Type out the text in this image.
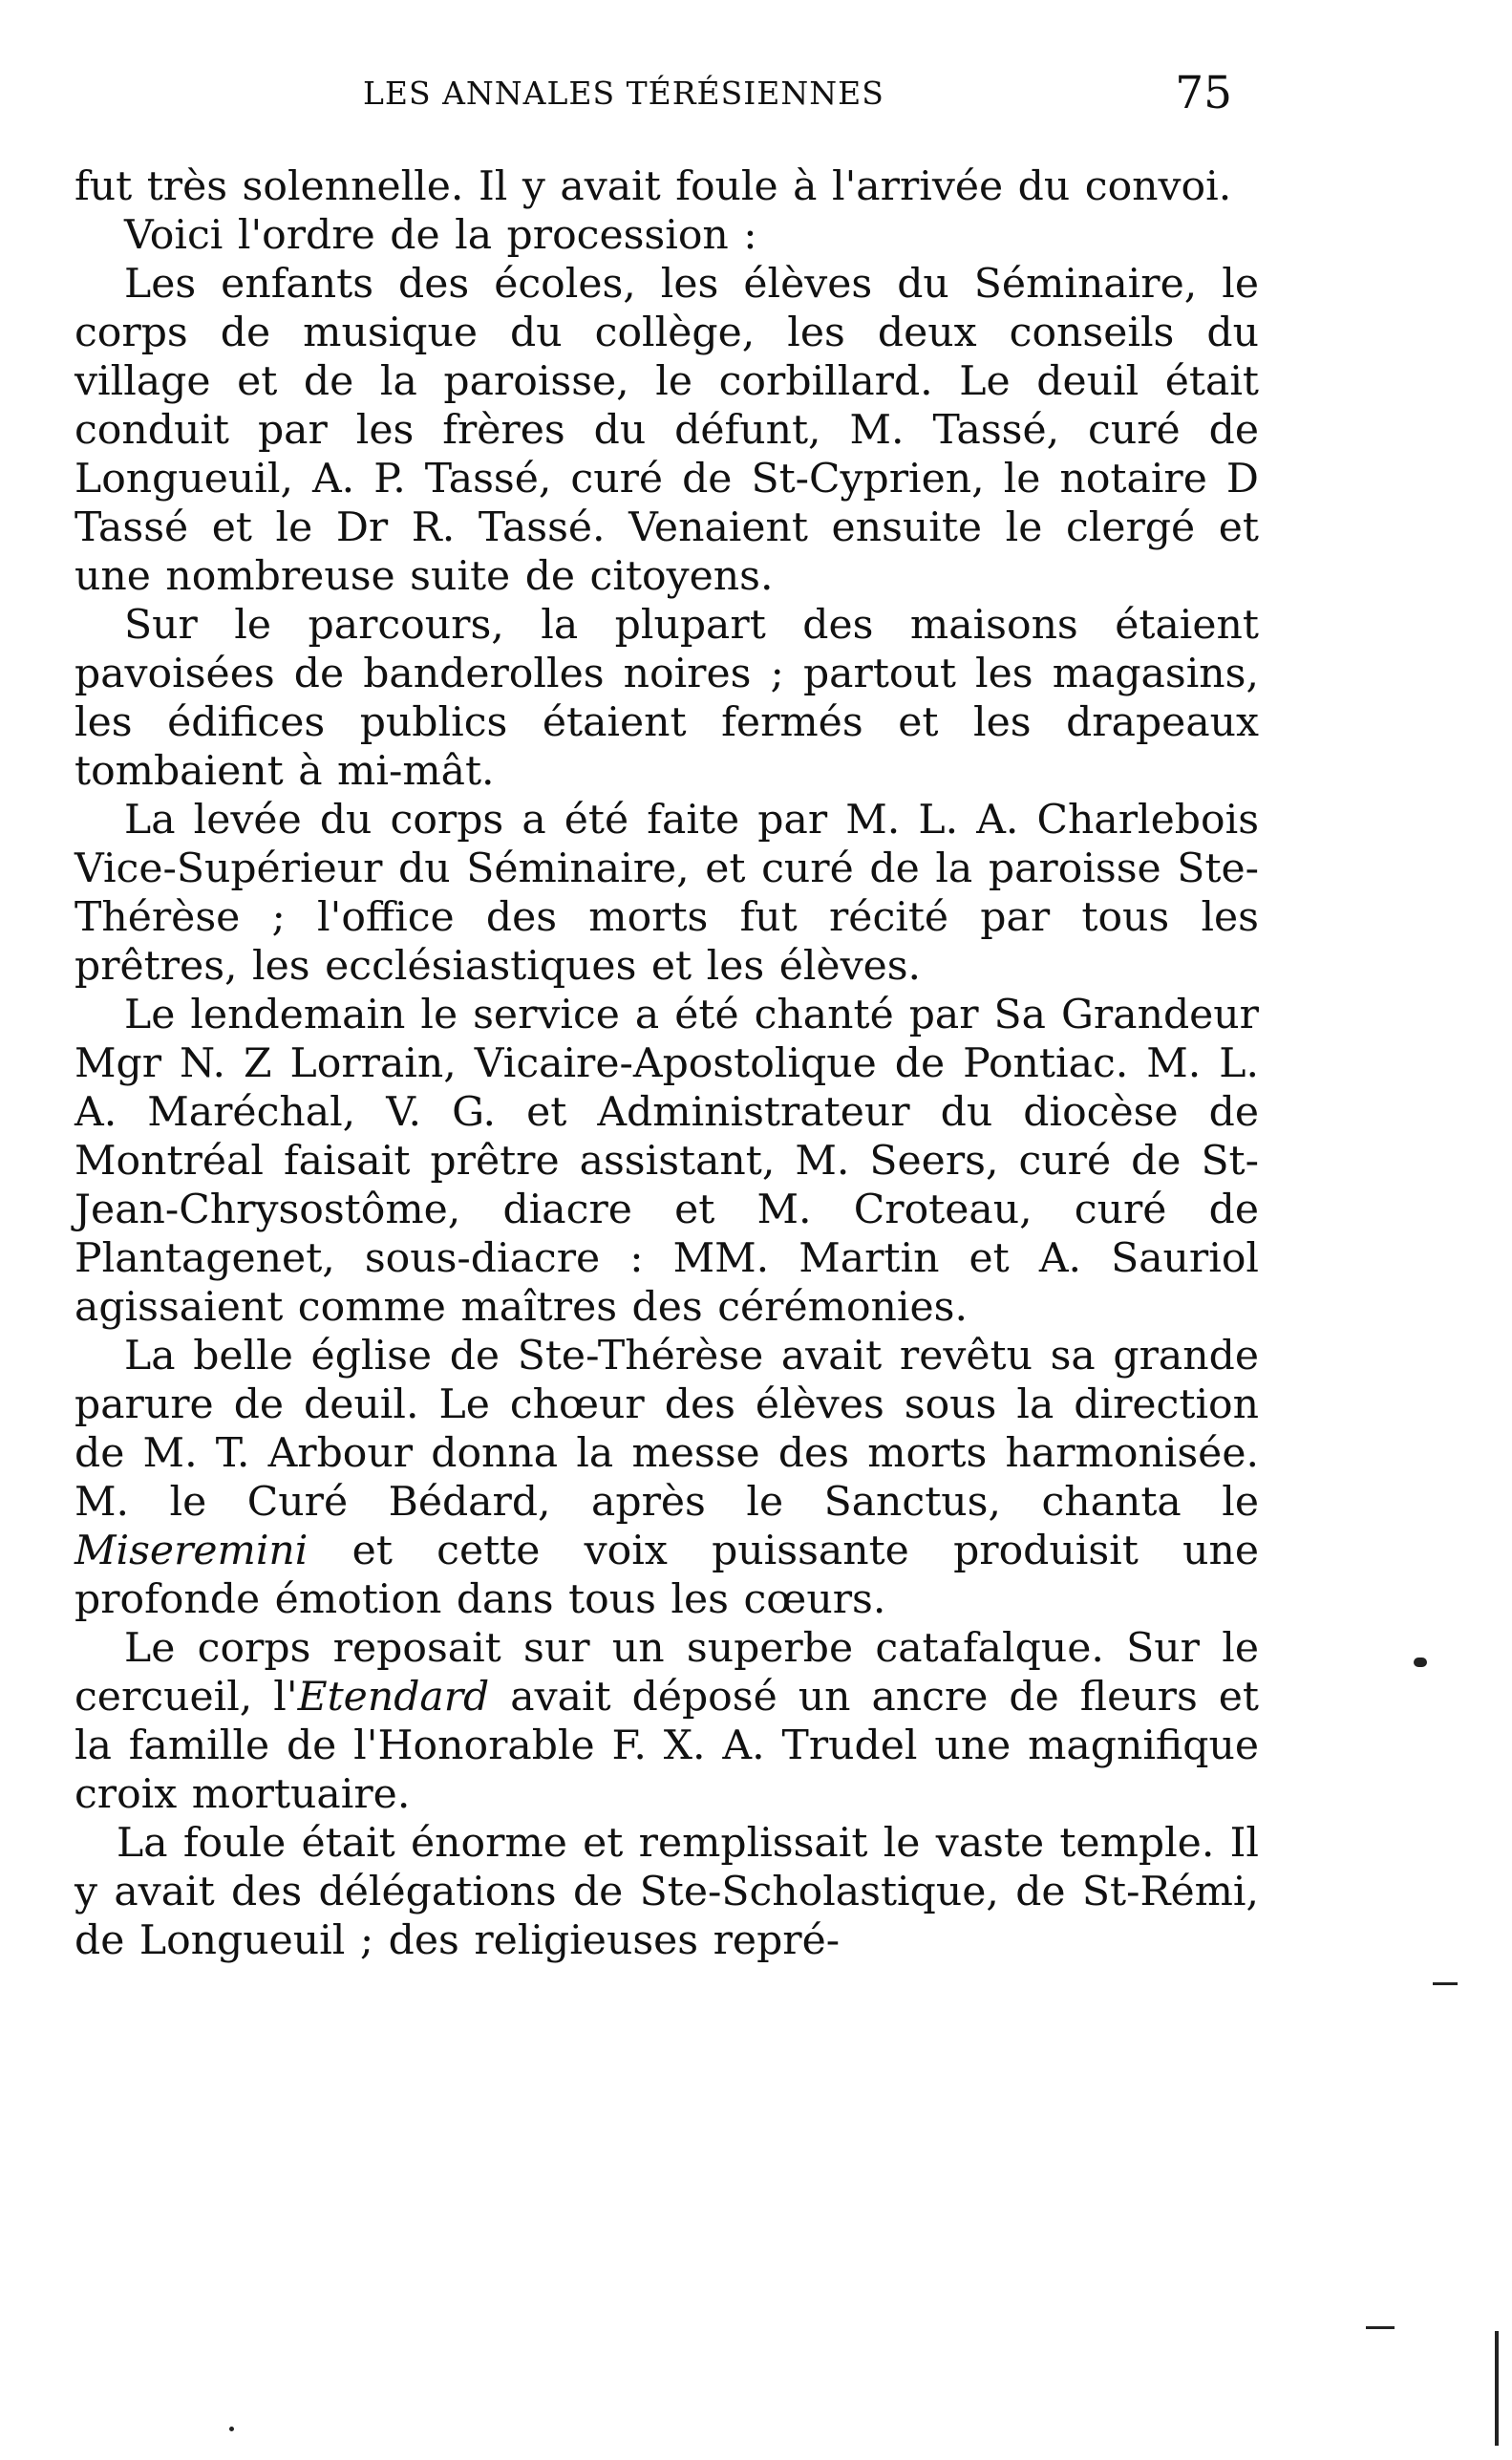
LES ANNALES TÉRÉSIENNES	75

fut très solennelle. Il y avait foule à l'arrivée du convoi.

Voici l'ordre de la procession :

Les enfants des écoles, les élèves du Séminaire, le corps de musique du collège, les deux conseils du village et de la paroisse, le corbillard. Le deuil était conduit par les frères du défunt, M. Tassé, curé de Longueuil, A. P. Tassé, curé de St-Cyprien, le notaire D Tassé et le Dr R. Tassé. Venaient ensuite le clergé et une nombreuse suite de citoyens.

Sur le parcours, la plupart des maisons étaient pavoisées de banderolles noires ; partout les magasins, les édifices publics étaient fermés et les drapeaux tombaient à mi-mât.

La levée du corps a été faite par M. L. A. Charlebois Vice-Supérieur du Séminaire, et curé de la paroisse Ste-Thérèse ; l'office des morts fut récité par tous les prêtres, les ecclésiastiques et les élèves.

Le lendemain le service a été chanté par Sa Grandeur Mgr N. Z Lorrain, Vicaire-Apostolique de Pontiac. M. L. A. Maréchal, V. G. et Administrateur du diocèse de Montréal faisait prêtre assistant, M. Seers, curé de St-Jean-Chrysostôme, diacre et M. Croteau, curé de Plantagenet, sous-diacre : MM. Martin et A. Sauriol agissaient comme maîtres des cérémonies.

La belle église de Ste-Thérèse avait revêtu sa grande parure de deuil. Le chœur des élèves sous la direction de M. T. Arbour donna la messe des morts harmonisée. M. le Curé Bédard, après le Sanctus, chanta le Miseremini et cette voix puissante produisit une profonde émotion dans tous les cœurs.

Le corps reposait sur un superbe catafalque. Sur le cercueil, l'Etendard avait déposé un ancre de fleurs et la famille de l'Honorable F. X. A. Trudel une magnifique croix mortuaire.

La foule était énorme et remplissait le vaste temple. Il y avait des délégations de Ste-Scholastique, de St-Rémi, de Longueuil ; des religieuses repré-
